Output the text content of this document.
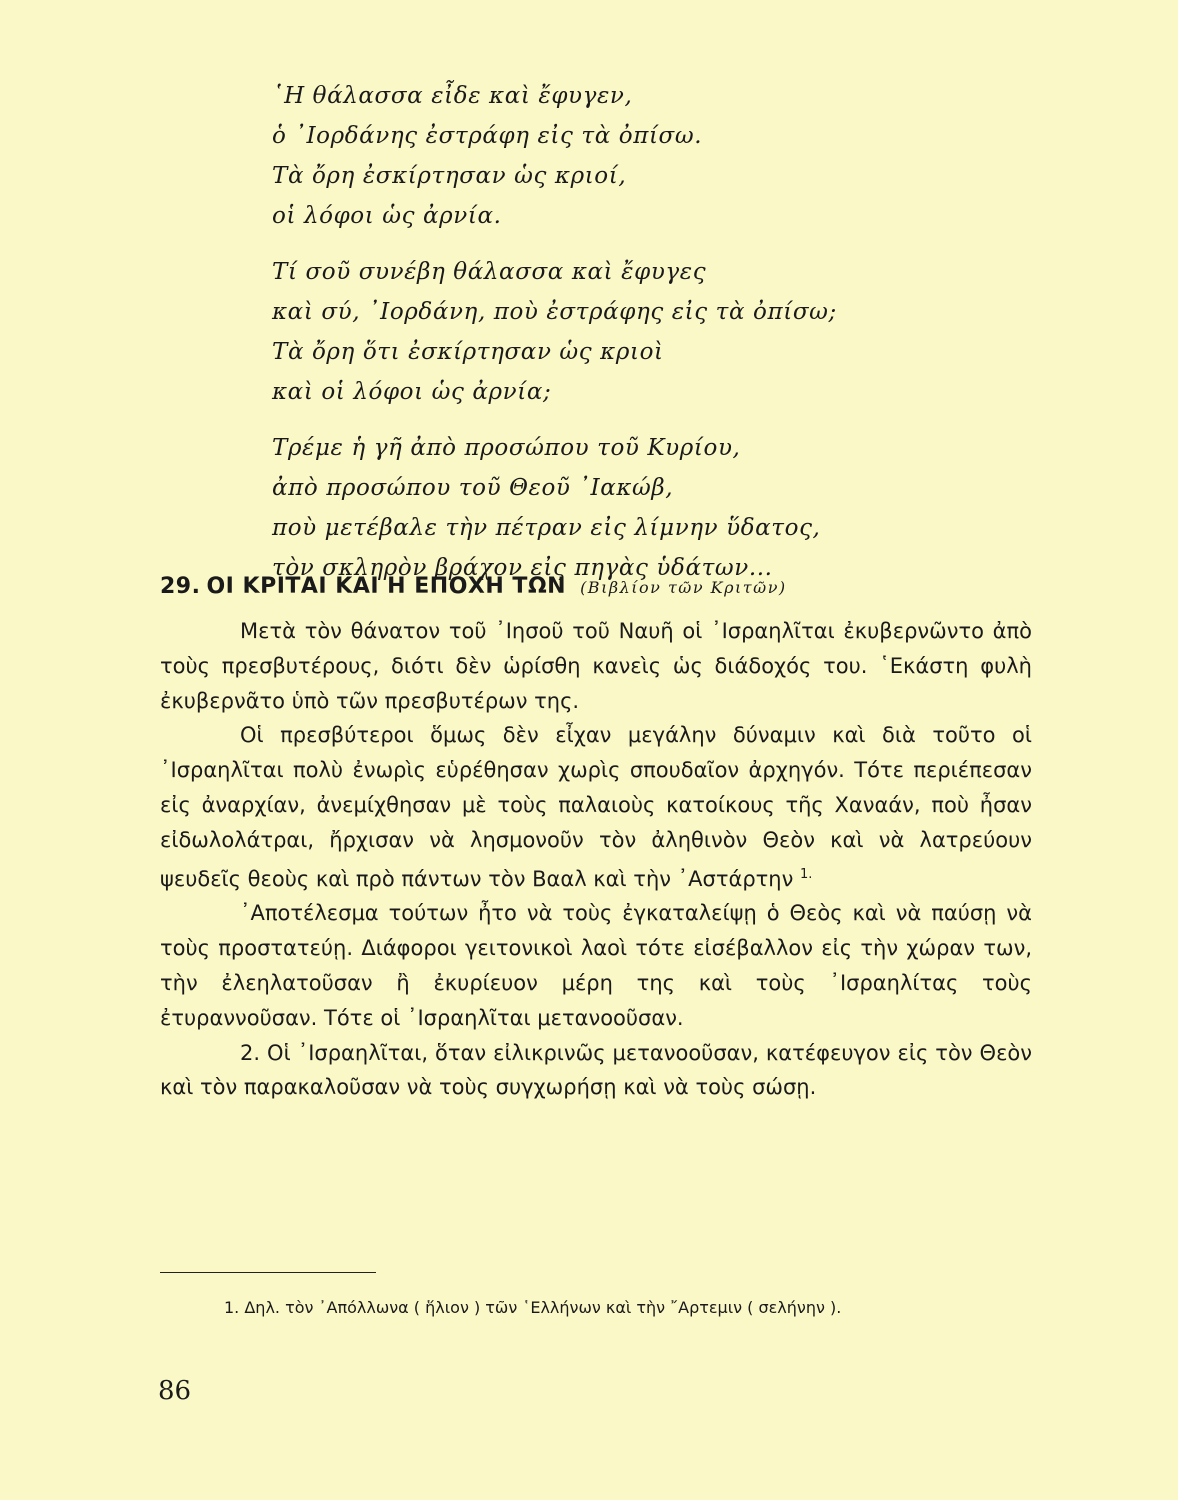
῾Η θάλασσα εἶδε καὶ ἔφυγεν,
ὁ ᾿Ιορδάνης ἐστράφη εἰς τὰ ὀπίσω.
Τὰ ὄρη ἐσκίρτησαν ὡς κριοί,
οἱ λόφοι ὡς ἀρνία.
Τί σοῦ συνέβη θάλασσα καὶ ἔφυγες
καὶ σύ, ᾿Ιορδάνη, ποὺ ἐστράφης εἰς τὰ ὀπίσω;
Τὰ ὄρη ὅτι ἐσκίρτησαν ὡς κριοὶ
καὶ οἱ λόφοι ὡς ἀρνία;
Τρέμε ἡ γῆ ἀπὸ προσώπου τοῦ Κυρίου,
ἀπὸ προσώπου τοῦ Θεοῦ ᾿Ιακώβ,
ποὺ μετέβαλε τὴν πέτραν εἰς λίμνην ὕδατος,
τὸν σκληρὸν βράχον εἰς πηγὰς ὑδάτων...
29. ΟΙ ΚΡΙΤΑΙ ΚΑΙ Η ΕΠΟΧΗ ΤΩΝ (Βιβλίον τῶν Κριτῶν)

Μετὰ τὸν θάνατον τοῦ ᾿Ιησοῦ τοῦ Ναυῆ οἱ ᾿Ισραηλῖται ἐκυβερνῶντο ἀπὸ τοὺς πρεσβυτέρους, διότι δὲν ὡρίσθη κανεὶς ὡς διάδοχός του. ῾Εκάστη φυλὴ ἐκυβερνᾶτο ὑπὸ τῶν πρεσβυτέρων της.

Οἱ πρεσβύτεροι ὅμως δὲν εἶχαν μεγάλην δύναμιν καὶ διὰ τοῦτο οἱ ᾿Ισραηλῖται πολὺ ἐνωρὶς εὑρέθησαν χωρὶς σπουδαῖον ἀρχηγόν. Τότε περιέπεσαν εἰς ἀναρχίαν, ἀνεμίχθησαν μὲ τοὺς παλαιοὺς κατοίκους τῆς Χαναάν, ποὺ ἦσαν εἰδωλολάτραι, ἤρχισαν νὰ λησμονοῦν τὸν ἀληθινὸν Θεὸν καὶ νὰ λατρεύουν ψευδεῖς θεοὺς καὶ πρὸ πάντων τὸν Βααλ καὶ τὴν ᾿Αστάρτην $^{1.}$

᾿Αποτέλεσμα τούτων ἦτο νὰ τοὺς ἐγκαταλείψῃ ὁ Θεὸς καὶ νὰ παύσῃ νὰ τοὺς προστατεύῃ. Διάφοροι γειτονικοὶ λαοὶ τότε εἰσέβαλλον εἰς τὴν χώραν των, τὴν ἐλεηλατοῦσαν ἢ ἐκυρίευον μέρη της καὶ τοὺς ᾿Ισραηλίτας τοὺς ἐτυραννοῦσαν. Τότε οἱ ᾿Ισραηλῖται μετανοοῦσαν.

2. Οἱ ᾿Ισραηλῖται, ὅταν εἰλικρινῶς μετανοοῦσαν, κατέφευγον εἰς τὸν Θεὸν καὶ τὸν παρακαλοῦσαν νὰ τοὺς συγχωρήσῃ καὶ νὰ τοὺς σώσῃ.

1. Δηλ. τὸν ᾿Απόλλωνα ( ἥλιον ) τῶν ῾Ελλήνων καὶ τὴν ῎Αρτεμιν ( σελήνην ).
86
